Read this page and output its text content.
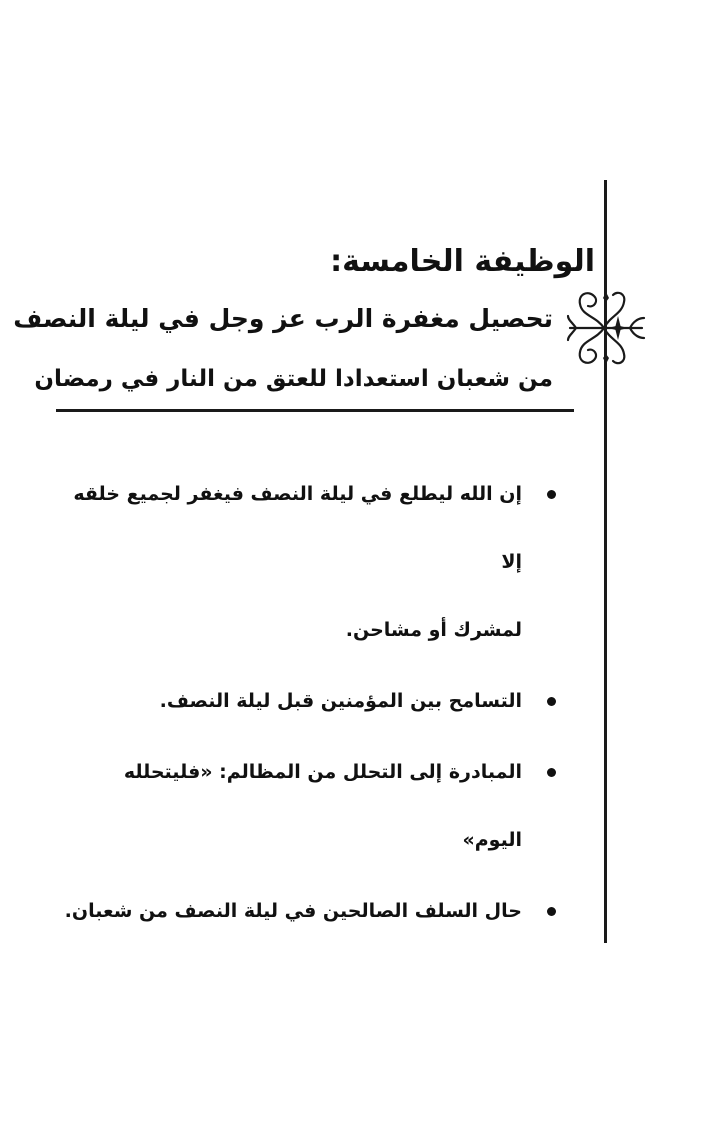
الوظيفة الخامسة:
تحصيل مغفرة الرب عز وجل في ليلة النصف
من شعبان استعدادا للعتق من النار في رمضان
إن الله ليطلع في ليلة النصف فيغفر لجميع خلقه إلا
لمشرك أو مشاحن.
التسامح بين المؤمنين قبل ليلة النصف.
المبادرة إلى التحلل من المظالم: «فليتحلله اليوم»
حال السلف الصالحين في ليلة النصف من شعبان.
